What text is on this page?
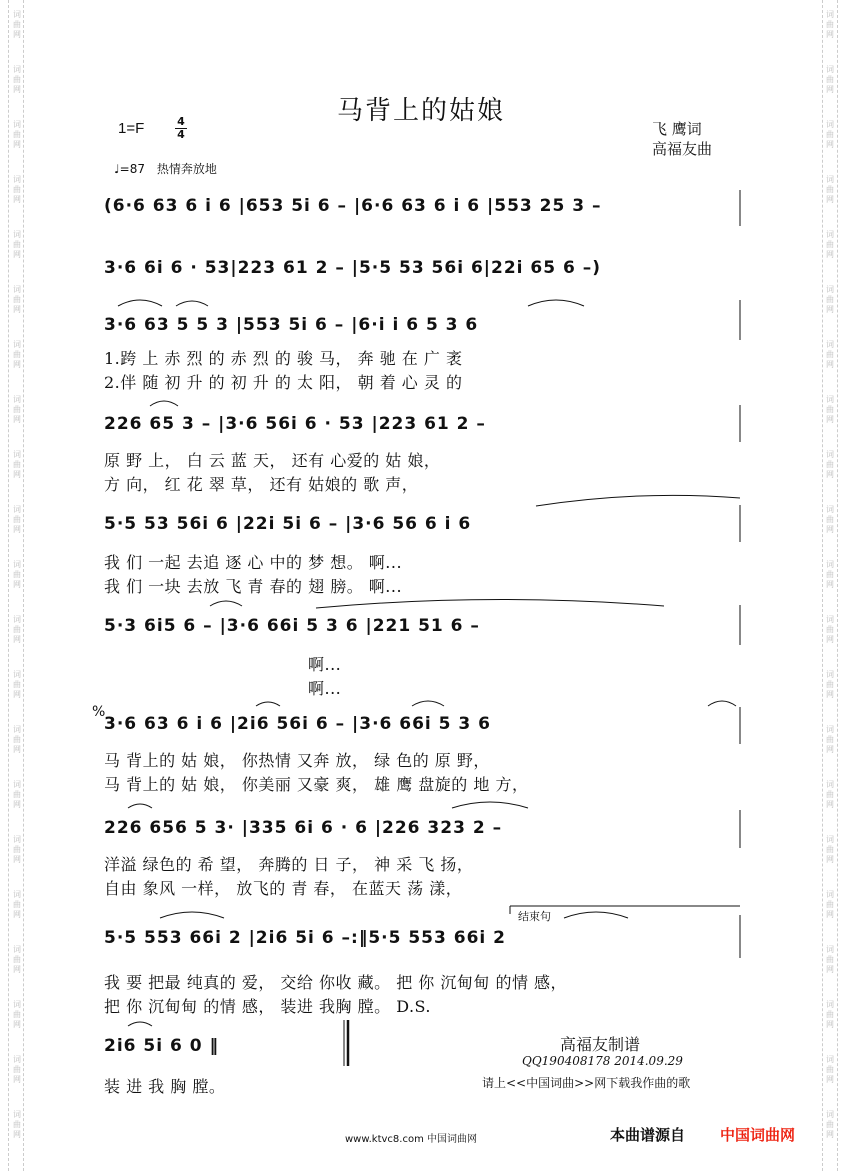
词曲网
词曲网
词曲网
词曲网
词曲网
词曲网
词曲网
词曲网
词曲网
词曲网
词曲网
词曲网
词曲网
词曲网
词曲网
词曲网
词曲网
词曲网
词曲网
词曲网
词曲网
词曲网
词曲网
词曲网
词曲网
词曲网
词曲网
词曲网
词曲网
词曲网
词曲网
词曲网
词曲网
词曲网
词曲网
词曲网
词曲网
词曲网
词曲网
词曲网
词曲网
词曲网
马背上的姑娘
1=F	4
4
♩=87 热情奔放地
飞 鹰词
高福友曲
(6·6 63 6 i 6 |653 5i 6 – |6·6 63 6 i 6 |553 25 3 –
3·6 6i 6 · 53|223 61 2 – |5·5 53 56i 6|22i 65 6 –)
3·6 63 5 5 3 |553 5i 6 – |6·i i 6 5 3 6
1.跨 上 赤 烈 的 赤 烈 的 骏 马， 奔 驰 在 广 袤
2.伴 随 初 升 的 初 升 的 太 阳， 朝 着 心 灵 的
226 65 3 – |3·6 56i 6 · 53 |223 61 2 –
原 野 上， 白 云 蓝 天， 还有 心爱的 姑 娘，
方 向， 红 花 翠 草， 还有 姑娘的 歌 声，
5·5 53 56i 6 |22i 5i 6 – |3·6 56 6 i 6
我 们 一起 去追 逐 心 中的 梦 想。 啊...
我 们 一块 去放 飞 青 春的 翅 膀。 啊...
5·3 6i5 6 – |3·6 66i 5 3 6 |221 51 6 –
啊...
啊...
%
3·6 63 6 i 6 |2i6 56i 6 – |3·6 66i 5 3 6
马 背上的 姑 娘， 你热情 又奔 放， 绿 色的 原 野，
马 背上的 姑 娘， 你美丽 又豪 爽， 雄 鹰 盘旋的 地 方，
226 656 5 3· |335 6i 6 · 6 |226 323 2 –
洋溢 绿色的 希 望， 奔腾的 日 子， 神 采 飞 扬，
自由 象风 一样， 放飞的 青 春， 在蓝天 荡 漾，
结束句
5·5 553 66i 2 |2i6 5i 6 –:‖5·5 553 66i 2
我 要 把最 纯真的 爱， 交给 你收 藏。 把 你 沉甸甸 的情 感，
把 你 沉甸甸 的情 感， 装进 我胸 膛。 D.S.
2i6 5i 6 0 ‖
装 进 我 胸 膛。
高福友制谱
QQ190408178 2014.09.29
请上<<中国词曲>>网下载我作曲的歌
www.ktvc8.com 中国词曲网	本曲谱源自 中国词曲网
